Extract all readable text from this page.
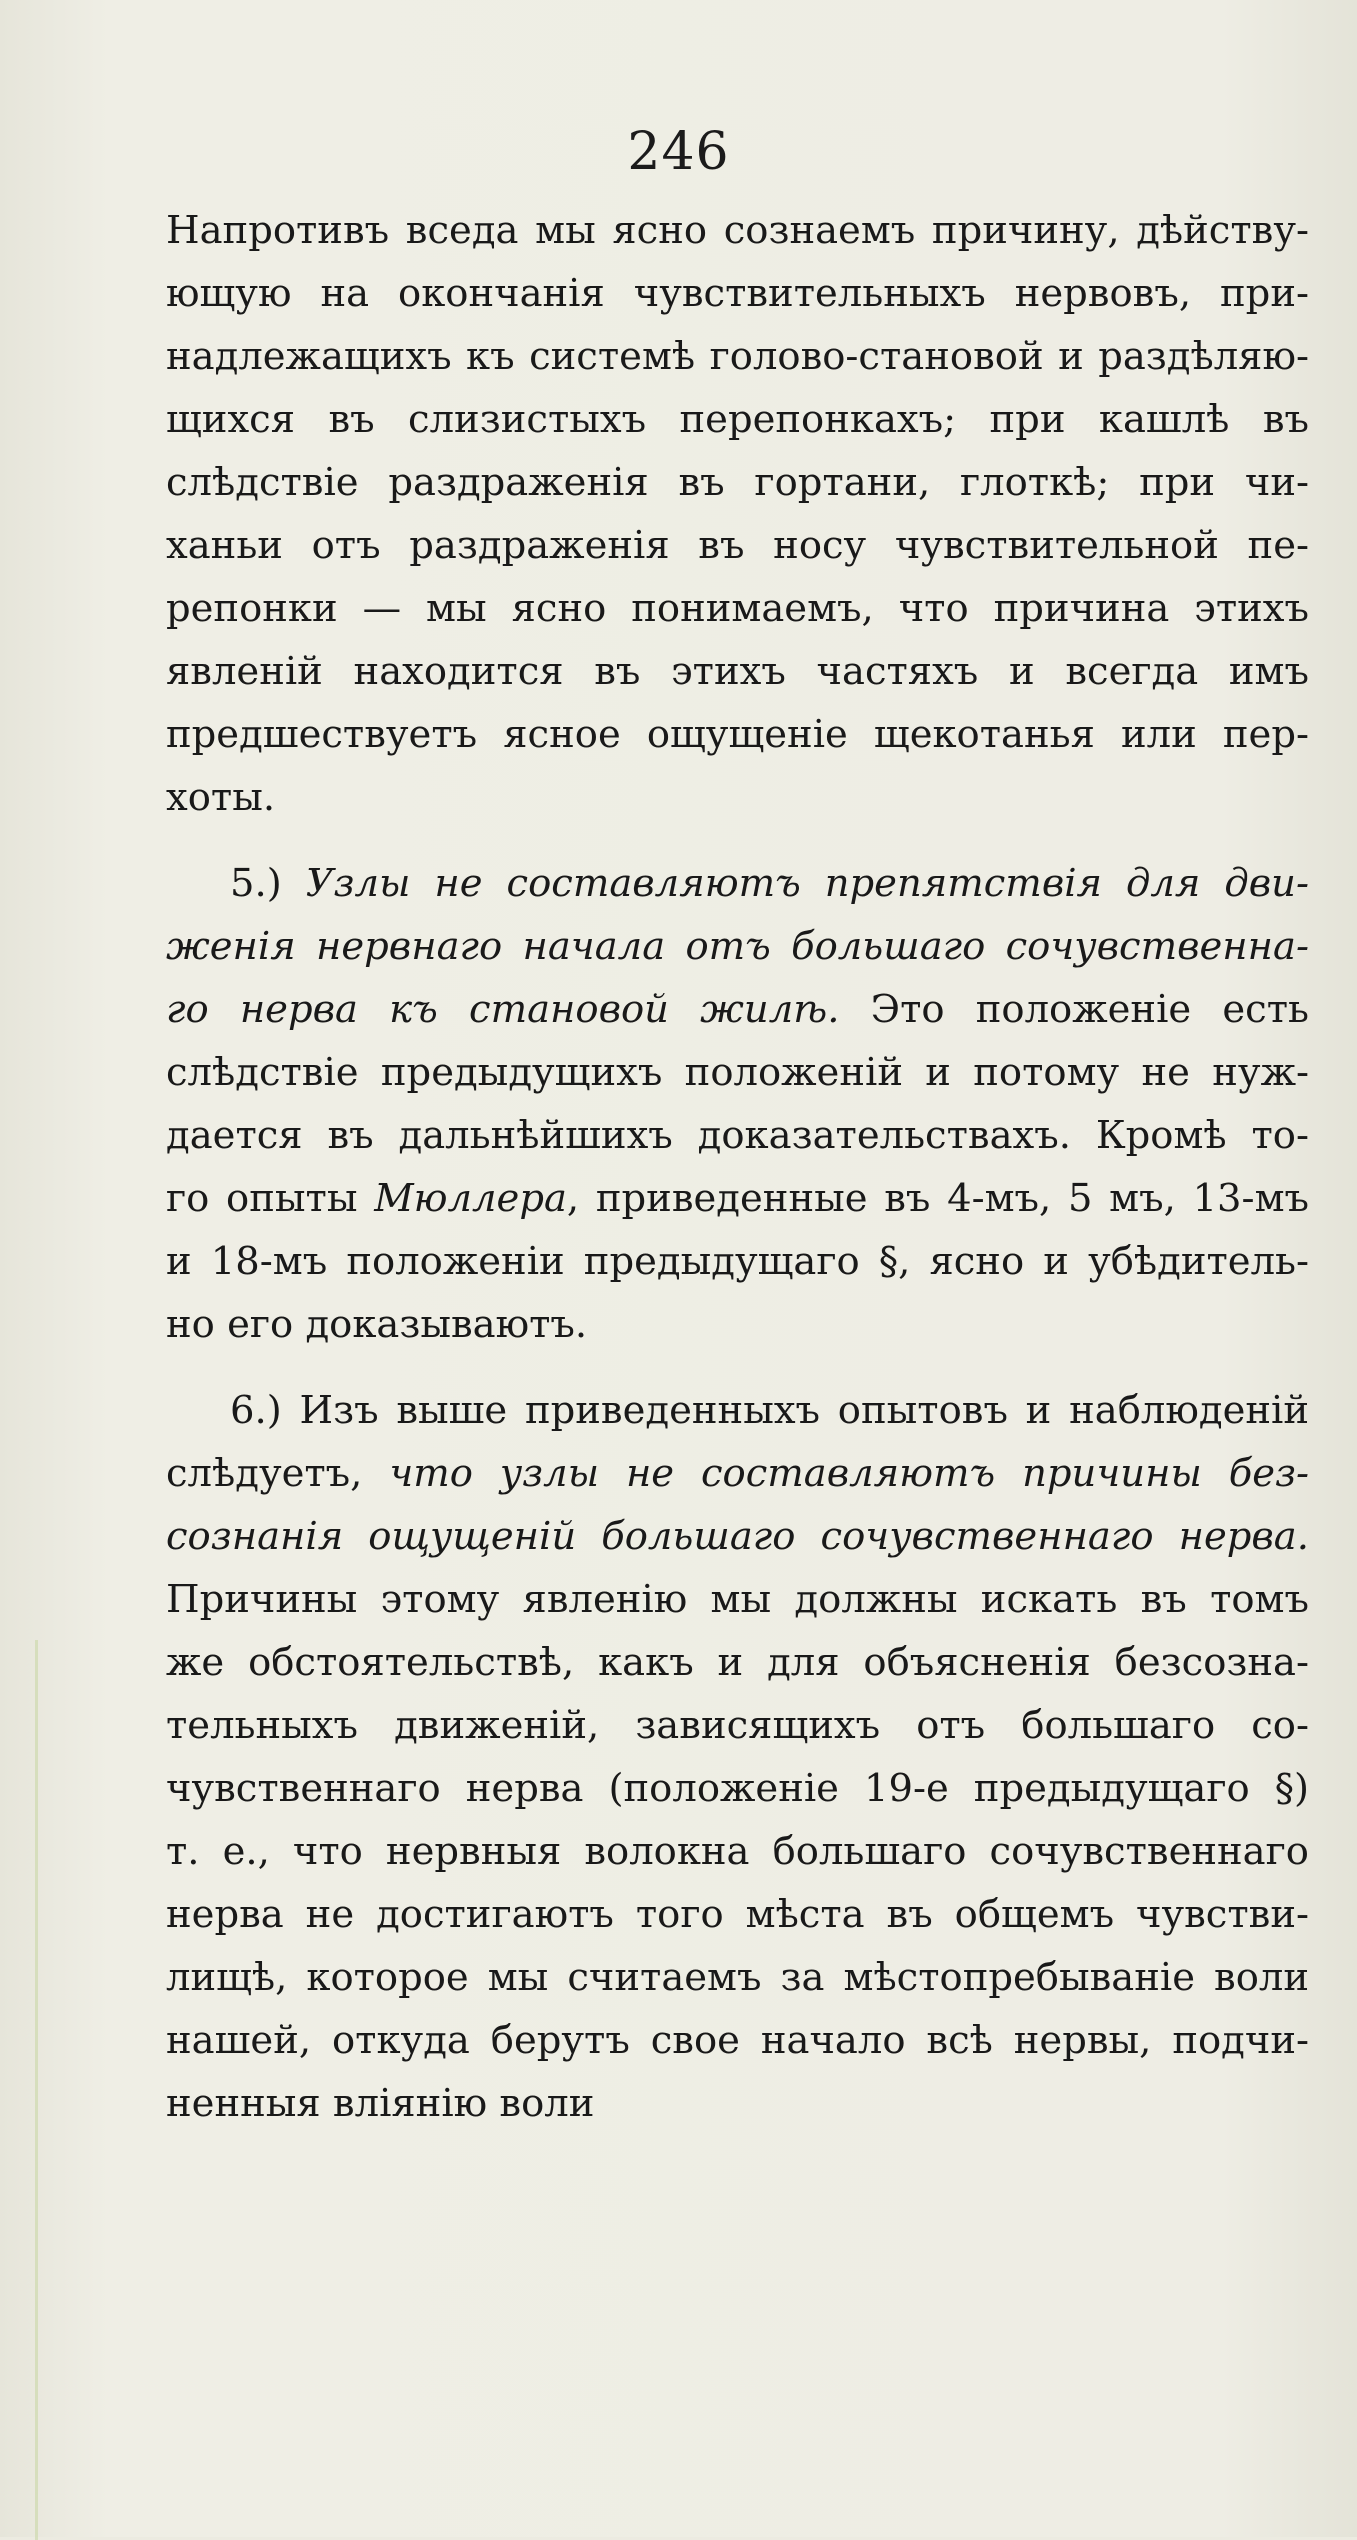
246
Напротивъ вседа мы ясно сознаемъ причину, дѣйству-
ющую на окончанія чувствительныхъ нервовъ, при-
надлежащихъ къ системѣ голово-становой и раздѣляю-
щихся въ слизистыхъ перепонкахъ; при кашлѣ въ
слѣдствіе раздраженія въ гортани, глоткѣ; при чи-
ханьи отъ раздраженія въ носу чувствительной пе-
репонки — мы ясно понимаемъ, что причина этихъ
явленій находится въ этихъ частяхъ и всегда имъ
предшествуетъ ясное ощущеніе щекотанья или пер-
хоты.
5.) Узлы не составляютъ препятствія для дви-
женія нервнаго начала отъ большаго сочувственна-
го нерва къ становой жилѣ. Это положеніе есть
слѣдствіе предыдущихъ положеній и потому не нуж-
дается въ дальнѣйшихъ доказательствахъ. Кромѣ то-
го опыты Мюллера, приведенные въ 4-мъ, 5 мъ, 13-мъ
и 18-мъ положеніи предыдущаго §, ясно и убѣдитель-
но его доказываютъ.
6.) Изъ выше приведенныхъ опытовъ и наблюденій
слѣдуетъ, что узлы не составляютъ причины без-
сознанія ощущеній большаго сочувственнаго нерва.
Причины этому явленію мы должны искать въ томъ
же обстоятельствѣ, какъ и для объясненія безсозна-
тельныхъ движеній, зависящихъ отъ большаго со-
чувственнаго нерва (положеніе 19-е предыдущаго §)
т. е., что нервныя волокна большаго сочувственнаго
нерва не достигаютъ того мѣста въ общемъ чувстви-
лищѣ, которое мы считаемъ за мѣстопребываніе воли
нашей, откуда берутъ свое начало всѣ нервы, подчи-
ненныя вліянію воли
